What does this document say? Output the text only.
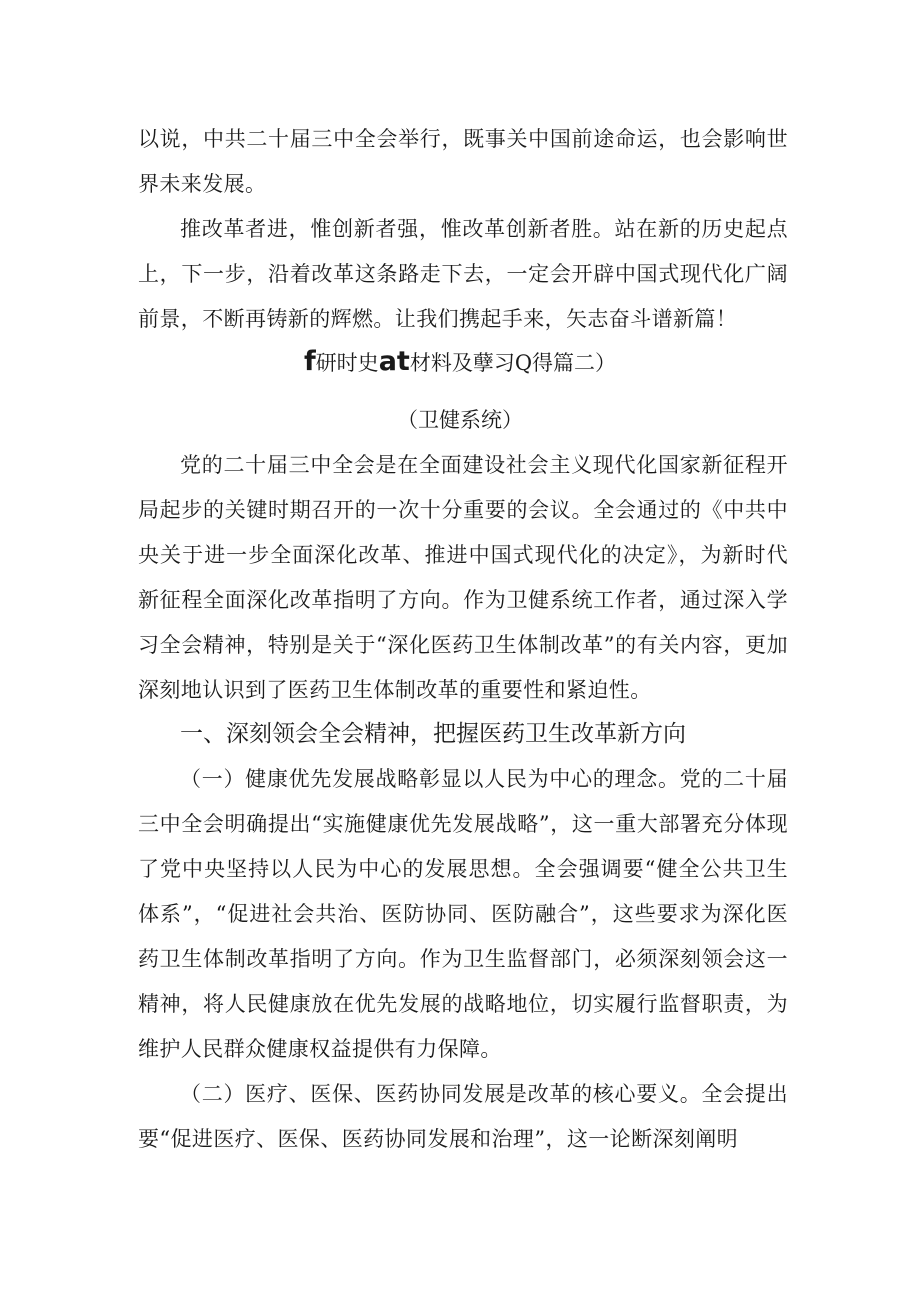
以说，中共二十届三中全会举行，既事关中国前途命运，也会影响世界未来发展。

推改革者进，惟创新者强，惟改革创新者胜。站在新的历史起点上，下一步，沿着改革这条路走下去，一定会开辟中国式现代化广阔前景，不断再铸新的辉燃。让我们携起手来，矢志奋斗谱新篇！

f研时史at材料及孽习Q得篇二）

（卫健系统）

党的二十届三中全会是在全面建设社会主义现代化国家新征程开局起步的关键时期召开的一次十分重要的会议。全会通过的《中共中央关于进一步全面深化改革、推进中国式现代化的决定》，为新时代新征程全面深化改革指明了方向。作为卫健系统工作者，通过深入学习全会精神，特别是关于“深化医药卫生体制改革”的有关内容，更加深刻地认识到了医药卫生体制改革的重要性和紧迫性。

一、深刻领会全会精神，把握医药卫生改革新方向

（一）健康优先发展战略彰显以人民为中心的理念。党的二十届三中全会明确提出“实施健康优先发展战略”，这一重大部署充分体现了党中央坚持以人民为中心的发展思想。全会强调要“健全公共卫生体系”，“促进社会共治、医防协同、医防融合”，这些要求为深化医药卫生体制改革指明了方向。作为卫生监督部门，必须深刻领会这一精神，将人民健康放在优先发展的战略地位，切实履行监督职责，为维护人民群众健康权益提供有力保障。

（二）医疗、医保、医药协同发展是改革的核心要义。全会提出要“促进医疗、医保、医药协同发展和治理”，这一论断深刻阐明
